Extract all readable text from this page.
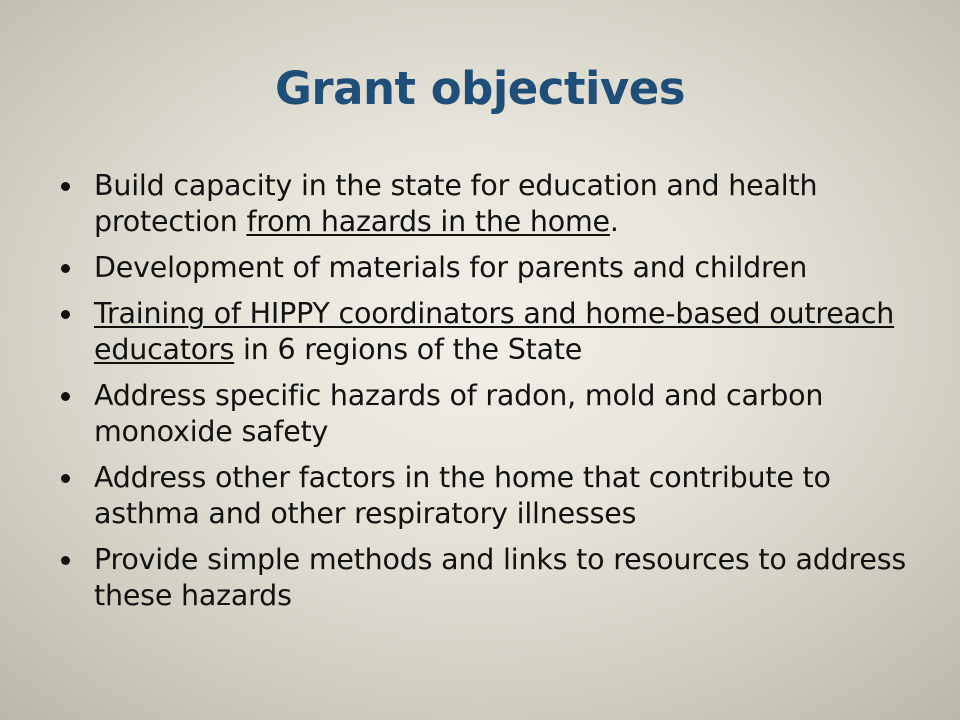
Grant objectives
Build capacity in the state for education and health protection from hazards in the home.
Development of materials for parents and children
Training of HIPPY coordinators and home-based outreach educators in 6 regions of the State
Address specific hazards of radon, mold and carbon monoxide safety
Address other factors in the home that contribute to asthma and other respiratory illnesses
Provide simple methods and links to resources to address these hazards
